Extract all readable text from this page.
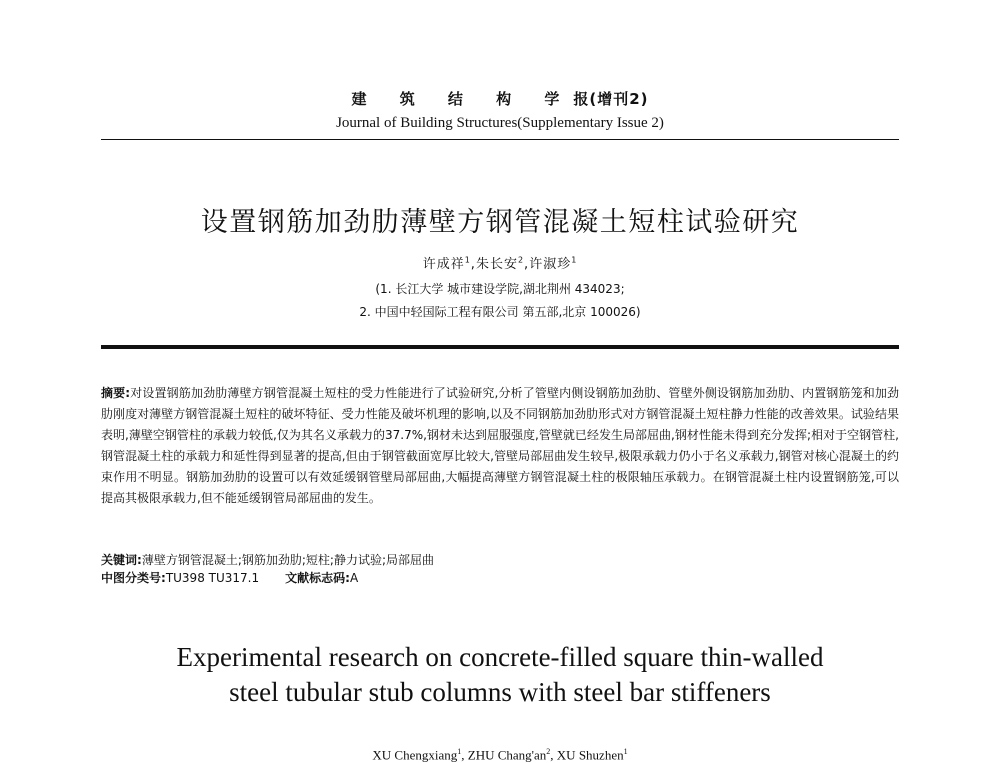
建 筑 结 构 学报(增刊2)
Journal of Building Structures(Supplementary Issue 2)
设置钢筋加劲肋薄壁方钢管混凝土短柱试验研究
许成祥$^1$,朱长安$^2$,许淑珍$^1$
(1. 长江大学 城市建设学院,湖北荆州 434023;
2. 中国中轻国际工程有限公司 第五部,北京 100026)
摘要:对设置钢筋加劲肋薄壁方钢管混凝土短柱的受力性能进行了试验研究,分析了管壁内侧设钢筋加劲肋、管壁外侧设钢筋加劲肋、内置钢筋笼和加劲肋刚度对薄壁方钢管混凝土短柱的破坏特征、受力性能及破坏机理的影响,以及不同钢筋加劲肋形式对方钢管混凝土短柱静力性能的改善效果。试验结果表明,薄壁空钢管柱的承载力较低,仅为其名义承载力的37.7%,钢材未达到屈服强度,管壁就已经发生局部屈曲,钢材性能未得到充分发挥;相对于空钢管柱,钢管混凝土柱的承载力和延性得到显著的提高,但由于钢管截面宽厚比较大,管壁局部屈曲发生较早,极限承载力仍小于名义承载力,钢管对核心混凝土的约束作用不明显。钢筋加劲肋的设置可以有效延缓钢管壁局部屈曲,大幅提高薄壁方钢管混凝土柱的极限轴压承载力。在钢管混凝土柱内设置钢筋笼,可以提高其极限承载力,但不能延缓钢管局部屈曲的发生。
关键词:薄壁方钢管混凝土;钢筋加劲肋;短柱;静力试验;局部屈曲
中图分类号:TU398 TU317.1 文献标志码:A
Experimental research on concrete-filled square thin-walled
steel tubular stub columns with steel bar stiffeners
XU Chengxiang$^1$, ZHU $Chang'an^2$, XU Shuzhen$^1$
